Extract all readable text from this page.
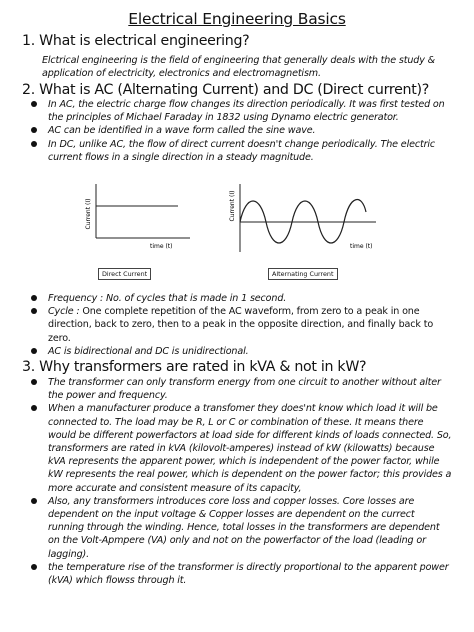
Electrical Engineering Basics
1. What is electrical engineering?

Elctrical engineering is the field of engineering that generally deals with the study & application of electricity, electronics and electromagnetism.

2. What is AC (Alternating Current) and DC (Direct current)?
In AC, the electric charge flow changes its direction periodically. It was first tested on the principles of Michael Faraday in 1832 using Dynamo electric generator.
AC can be identified in a wave form called the sine wave.
In DC, unlike AC, the flow of direct current doesn't change periodically. The electric current flows in a single direction in a steady magnitude.
Current (I)
time (t)
Direct Current
Current (I)
time (t)
Alternating Current
Frequency : No. of cycles that is made in 1 second.
Cycle : One complete repetition of the AC waveform, from zero to a peak in one direction, back to zero, then to a peak in the opposite direction, and finally back to zero.
AC is bidirectional and DC is unidirectional.
3. Why transformers are rated in kVA & not in kW?
The transformer can only transform energy from one circuit to another without alter the power and frequency.
When a manufacturer produce a transfomer they does'nt know which load it will be connected to. The load may be R, L or C or combination of these. It means there would be different powerfactors at load side for different kinds of loads connected. So, transformers are rated in kVA (kilovolt-amperes) instead of kW (kilowatts) because kVA represents the apparent power, which is independent of the power factor, while kW represents the real power, which is dependent on the power factor; this provides a more accurate and consistent measure of its capacity,
Also, any transformers introduces core loss and copper losses. Core losses are dependent on the input voltage & Copper losses are dependent on the currect running through the winding. Hence, total losses in the transformers are dependent on the Volt-Apmpere (VA) only and not on the powerfactor of the load (leading or lagging).
the temperature rise of the transformer is directly proportional to the apparent power (kVA) which flowss through it.
